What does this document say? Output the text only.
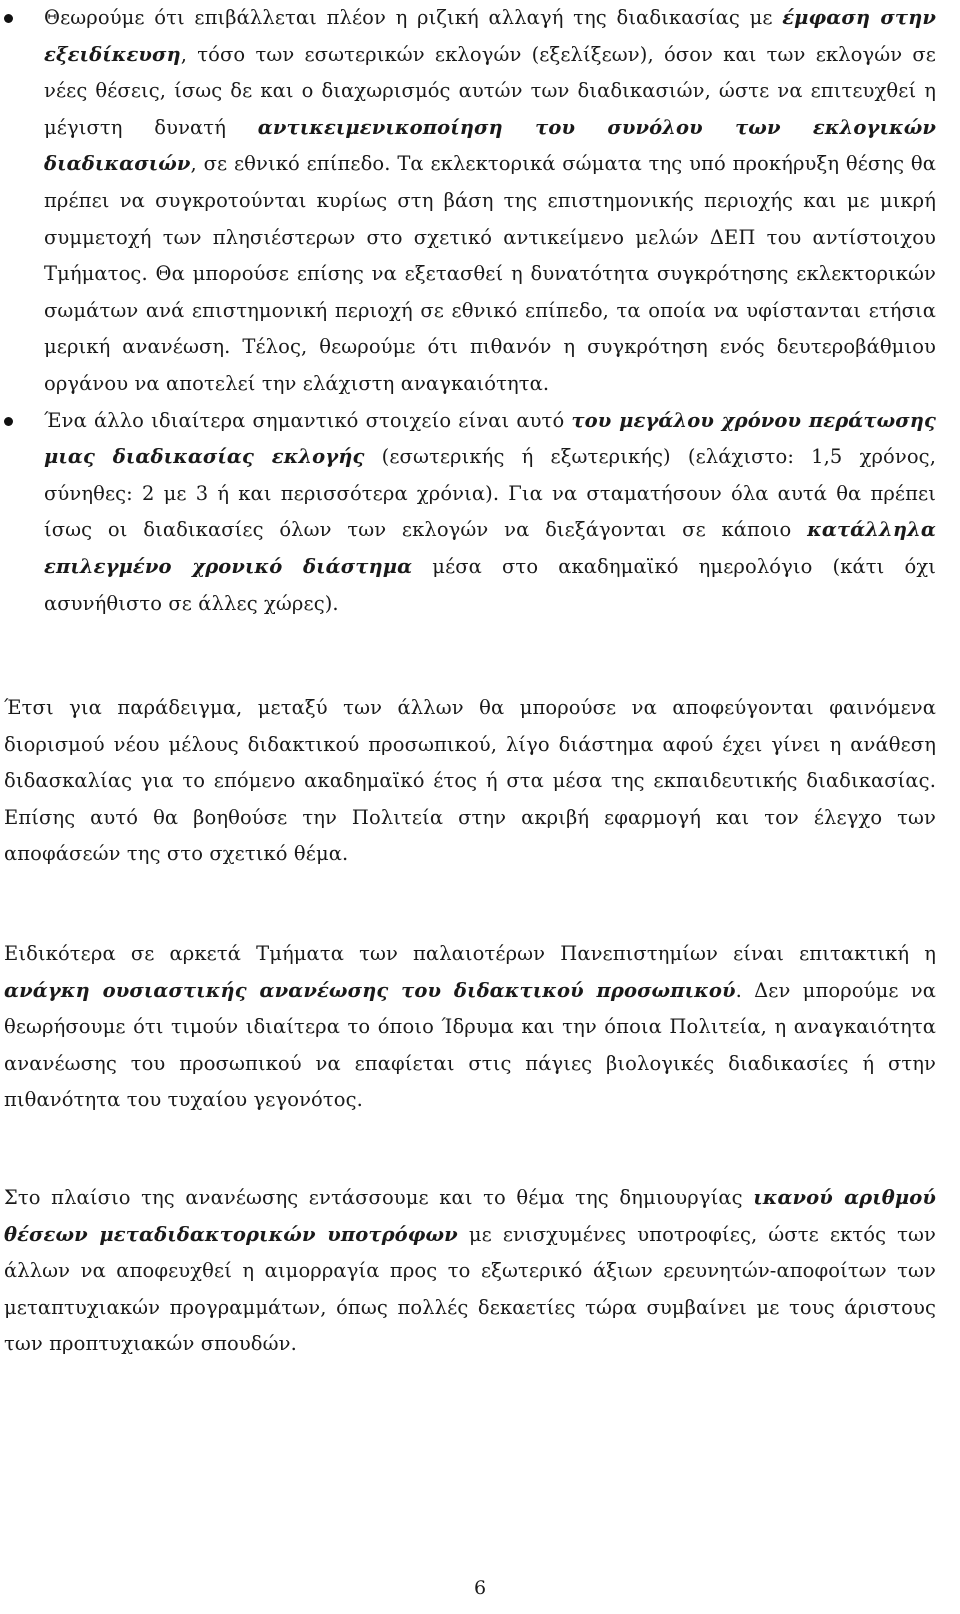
Θεωρούμε ότι επιβάλλεται πλέον η ριζική αλλαγή της διαδικασίας με έμφαση στην εξειδίκευση, τόσο των εσωτερικών εκλογών (εξελίξεων), όσον και των εκλογών σε νέες θέσεις, ίσως δε και ο διαχωρισμός αυτών των διαδικασιών, ώστε να επιτευχθεί η μέγιστη δυνατή αντικειμενικοποίηση του συνόλου των εκλογικών διαδικασιών, σε εθνικό επίπεδο. Τα εκλεκτορικά σώματα της υπό προκήρυξη θέσης θα πρέπει να συγκροτούνται κυρίως στη βάση της επιστημονικής περιοχής και με μικρή συμμετοχή των πλησιέστερων στο σχετικό αντικείμενο μελών ΔΕΠ του αντίστοιχου Τμήματος. Θα μπορούσε επίσης να εξετασθεί η δυνατότητα συγκρότησης εκλεκτορικών σωμάτων ανά επιστημονική περιοχή σε εθνικό επίπεδο, τα οποία να υφίστανται ετήσια μερική ανανέωση. Τέλος, θεωρούμε ότι πιθανόν η συγκρότηση ενός δευτεροβάθμιου οργάνου να αποτελεί την ελάχιστη αναγκαιότητα.
Ένα άλλο ιδιαίτερα σημαντικό στοιχείο είναι αυτό του μεγάλου χρόνου περάτωσης μιας διαδικασίας εκλογής (εσωτερικής ή εξωτερικής) (ελάχιστο: 1,5 χρόνος, σύνηθες: 2 με 3 ή και περισσότερα χρόνια). Για να σταματήσουν όλα αυτά θα πρέπει ίσως οι διαδικασίες όλων των εκλογών να διεξάγονται σε κάποιο κατάλληλα επιλεγμένο χρονικό διάστημα μέσα στο ακαδημαϊκό ημερολόγιο (κάτι όχι ασυνήθιστο σε άλλες χώρες).

Έτσι για παράδειγμα, μεταξύ των άλλων θα μπορούσε να αποφεύγονται φαινόμενα διορισμού νέου μέλους διδακτικού προσωπικού, λίγο διάστημα αφού έχει γίνει η ανάθεση διδασκαλίας για το επόμενο ακαδημαϊκό έτος ή στα μέσα της εκπαιδευτικής διαδικασίας. Επίσης αυτό θα βοηθούσε την Πολιτεία στην ακριβή εφαρμογή και τον έλεγχο των αποφάσεών της στο σχετικό θέμα.

Ειδικότερα σε αρκετά Τμήματα των παλαιοτέρων Πανεπιστημίων είναι επιτακτική η ανάγκη ουσιαστικής ανανέωσης του διδακτικού προσωπικού. Δεν μπορούμε να θεωρήσουμε ότι τιμούν ιδιαίτερα το όποιο Ίδρυμα και την όποια Πολιτεία, η αναγκαιότητα ανανέωσης του προσωπικού να επαφίεται στις πάγιες βιολογικές διαδικασίες ή στην πιθανότητα του τυχαίου γεγονότος.

Στο πλαίσιο της ανανέωσης εντάσσουμε και το θέμα της δημιουργίας ικανού αριθμού θέσεων μεταδιδακτορικών υποτρόφων με ενισχυμένες υποτροφίες, ώστε εκτός των άλλων να αποφευχθεί η αιμορραγία προς το εξωτερικό άξιων ερευνητών-αποφοίτων των μεταπτυχιακών προγραμμάτων, όπως πολλές δεκαετίες τώρα συμβαίνει με τους άριστους των προπτυχιακών σπουδών.

6
